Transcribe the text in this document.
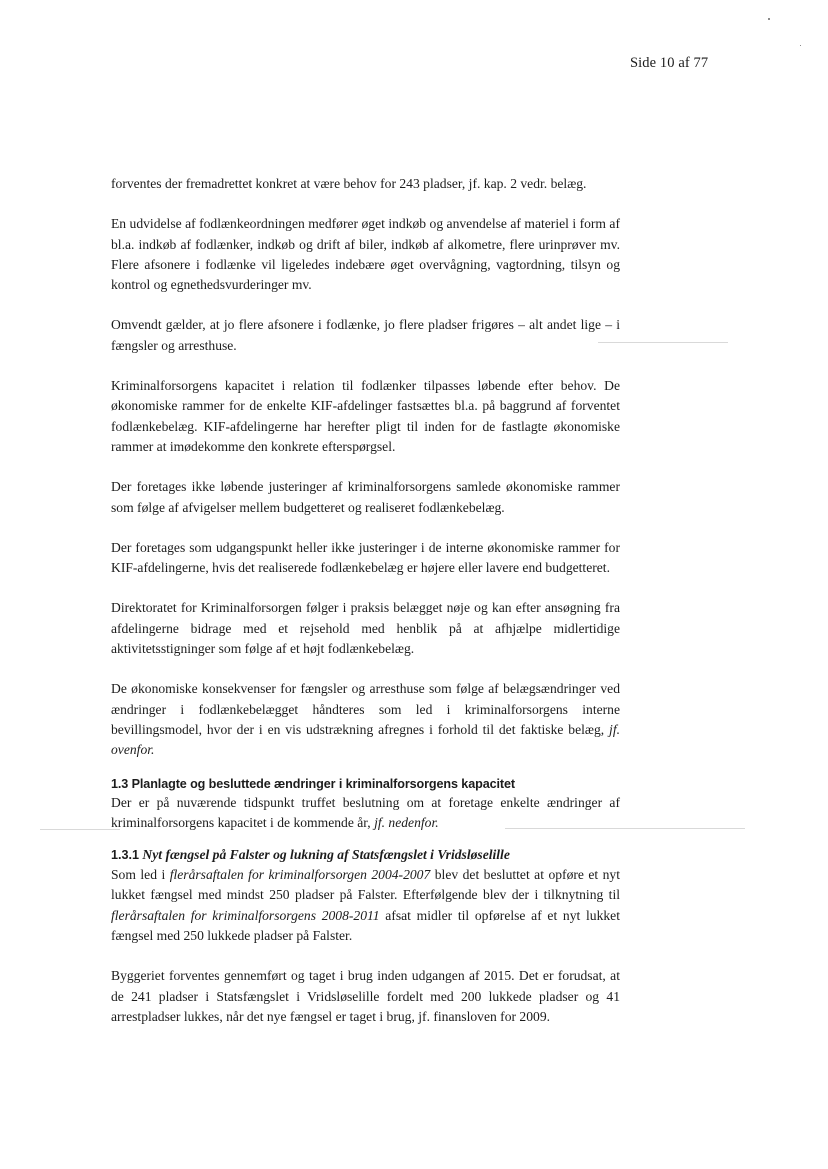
Side 10 af 77

forventes der fremadrettet konkret at være behov for 243 pladser, jf. kap. 2 vedr. belæg.

En udvidelse af fodlænkeordningen medfører øget indkøb og anvendelse af materiel i form af bl.a. indkøb af fodlænker, indkøb og drift af biler, indkøb af alkometre, flere urinprøver mv. Flere afsonere i fodlænke vil ligeledes indebære øget overvågning, vagtordning, tilsyn og kontrol og egnethedsvurderinger mv.

Omvendt gælder, at jo flere afsonere i fodlænke, jo flere pladser frigøres – alt andet lige – i fængsler og arresthuse.

Kriminalforsorgens kapacitet i relation til fodlænker tilpasses løbende efter behov. De økonomiske rammer for de enkelte KIF-afdelinger fastsættes bl.a. på baggrund af forventet fodlænkebelæg. KIF-afdelingerne har herefter pligt til inden for de fastlagte økonomiske rammer at imødekomme den konkrete efterspørgsel.

Der foretages ikke løbende justeringer af kriminalforsorgens samlede økonomiske rammer som følge af afvigelser mellem budgetteret og realiseret fodlænkebelæg.

Der foretages som udgangspunkt heller ikke justeringer i de interne økonomiske rammer for KIF-afdelingerne, hvis det realiserede fodlænkebelæg er højere eller lavere end budgetteret.

Direktoratet for Kriminalforsorgen følger i praksis belægget nøje og kan efter ansøgning fra afdelingerne bidrage med et rejsehold med henblik på at afhjælpe midlertidige aktivitetsstigninger som følge af et højt fodlænkebelæg.

De økonomiske konsekvenser for fængsler og arresthuse som følge af belægsændringer ved ændringer i fodlænkebelægget håndteres som led i kriminalforsorgens interne bevillingsmodel, hvor der i en vis udstrækning afregnes i forhold til det faktiske belæg, jf. ovenfor.

1.3 Planlagte og besluttede ændringer i kriminalforsorgens kapacitet

Der er på nuværende tidspunkt truffet beslutning om at foretage enkelte ændringer af kriminalforsorgens kapacitet i de kommende år, jf. nedenfor.

1.3.1 Nyt fængsel på Falster og lukning af Statsfængslet i Vridsløselille

Som led i flerårsaftalen for kriminalforsorgen 2004-2007 blev det besluttet at opføre et nyt lukket fængsel med mindst 250 pladser på Falster. Efterfølgende blev der i tilknytning til flerårsaftalen for kriminalforsorgens 2008-2011 afsat midler til opførelse af et nyt lukket fængsel med 250 lukkede pladser på Falster.

Byggeriet forventes gennemført og taget i brug inden udgangen af 2015. Det er forudsat, at de 241 pladser i Statsfængslet i Vridsløselille fordelt med 200 lukkede pladser og 41 arrestpladser lukkes, når det nye fængsel er taget i brug, jf. finansloven for 2009.
